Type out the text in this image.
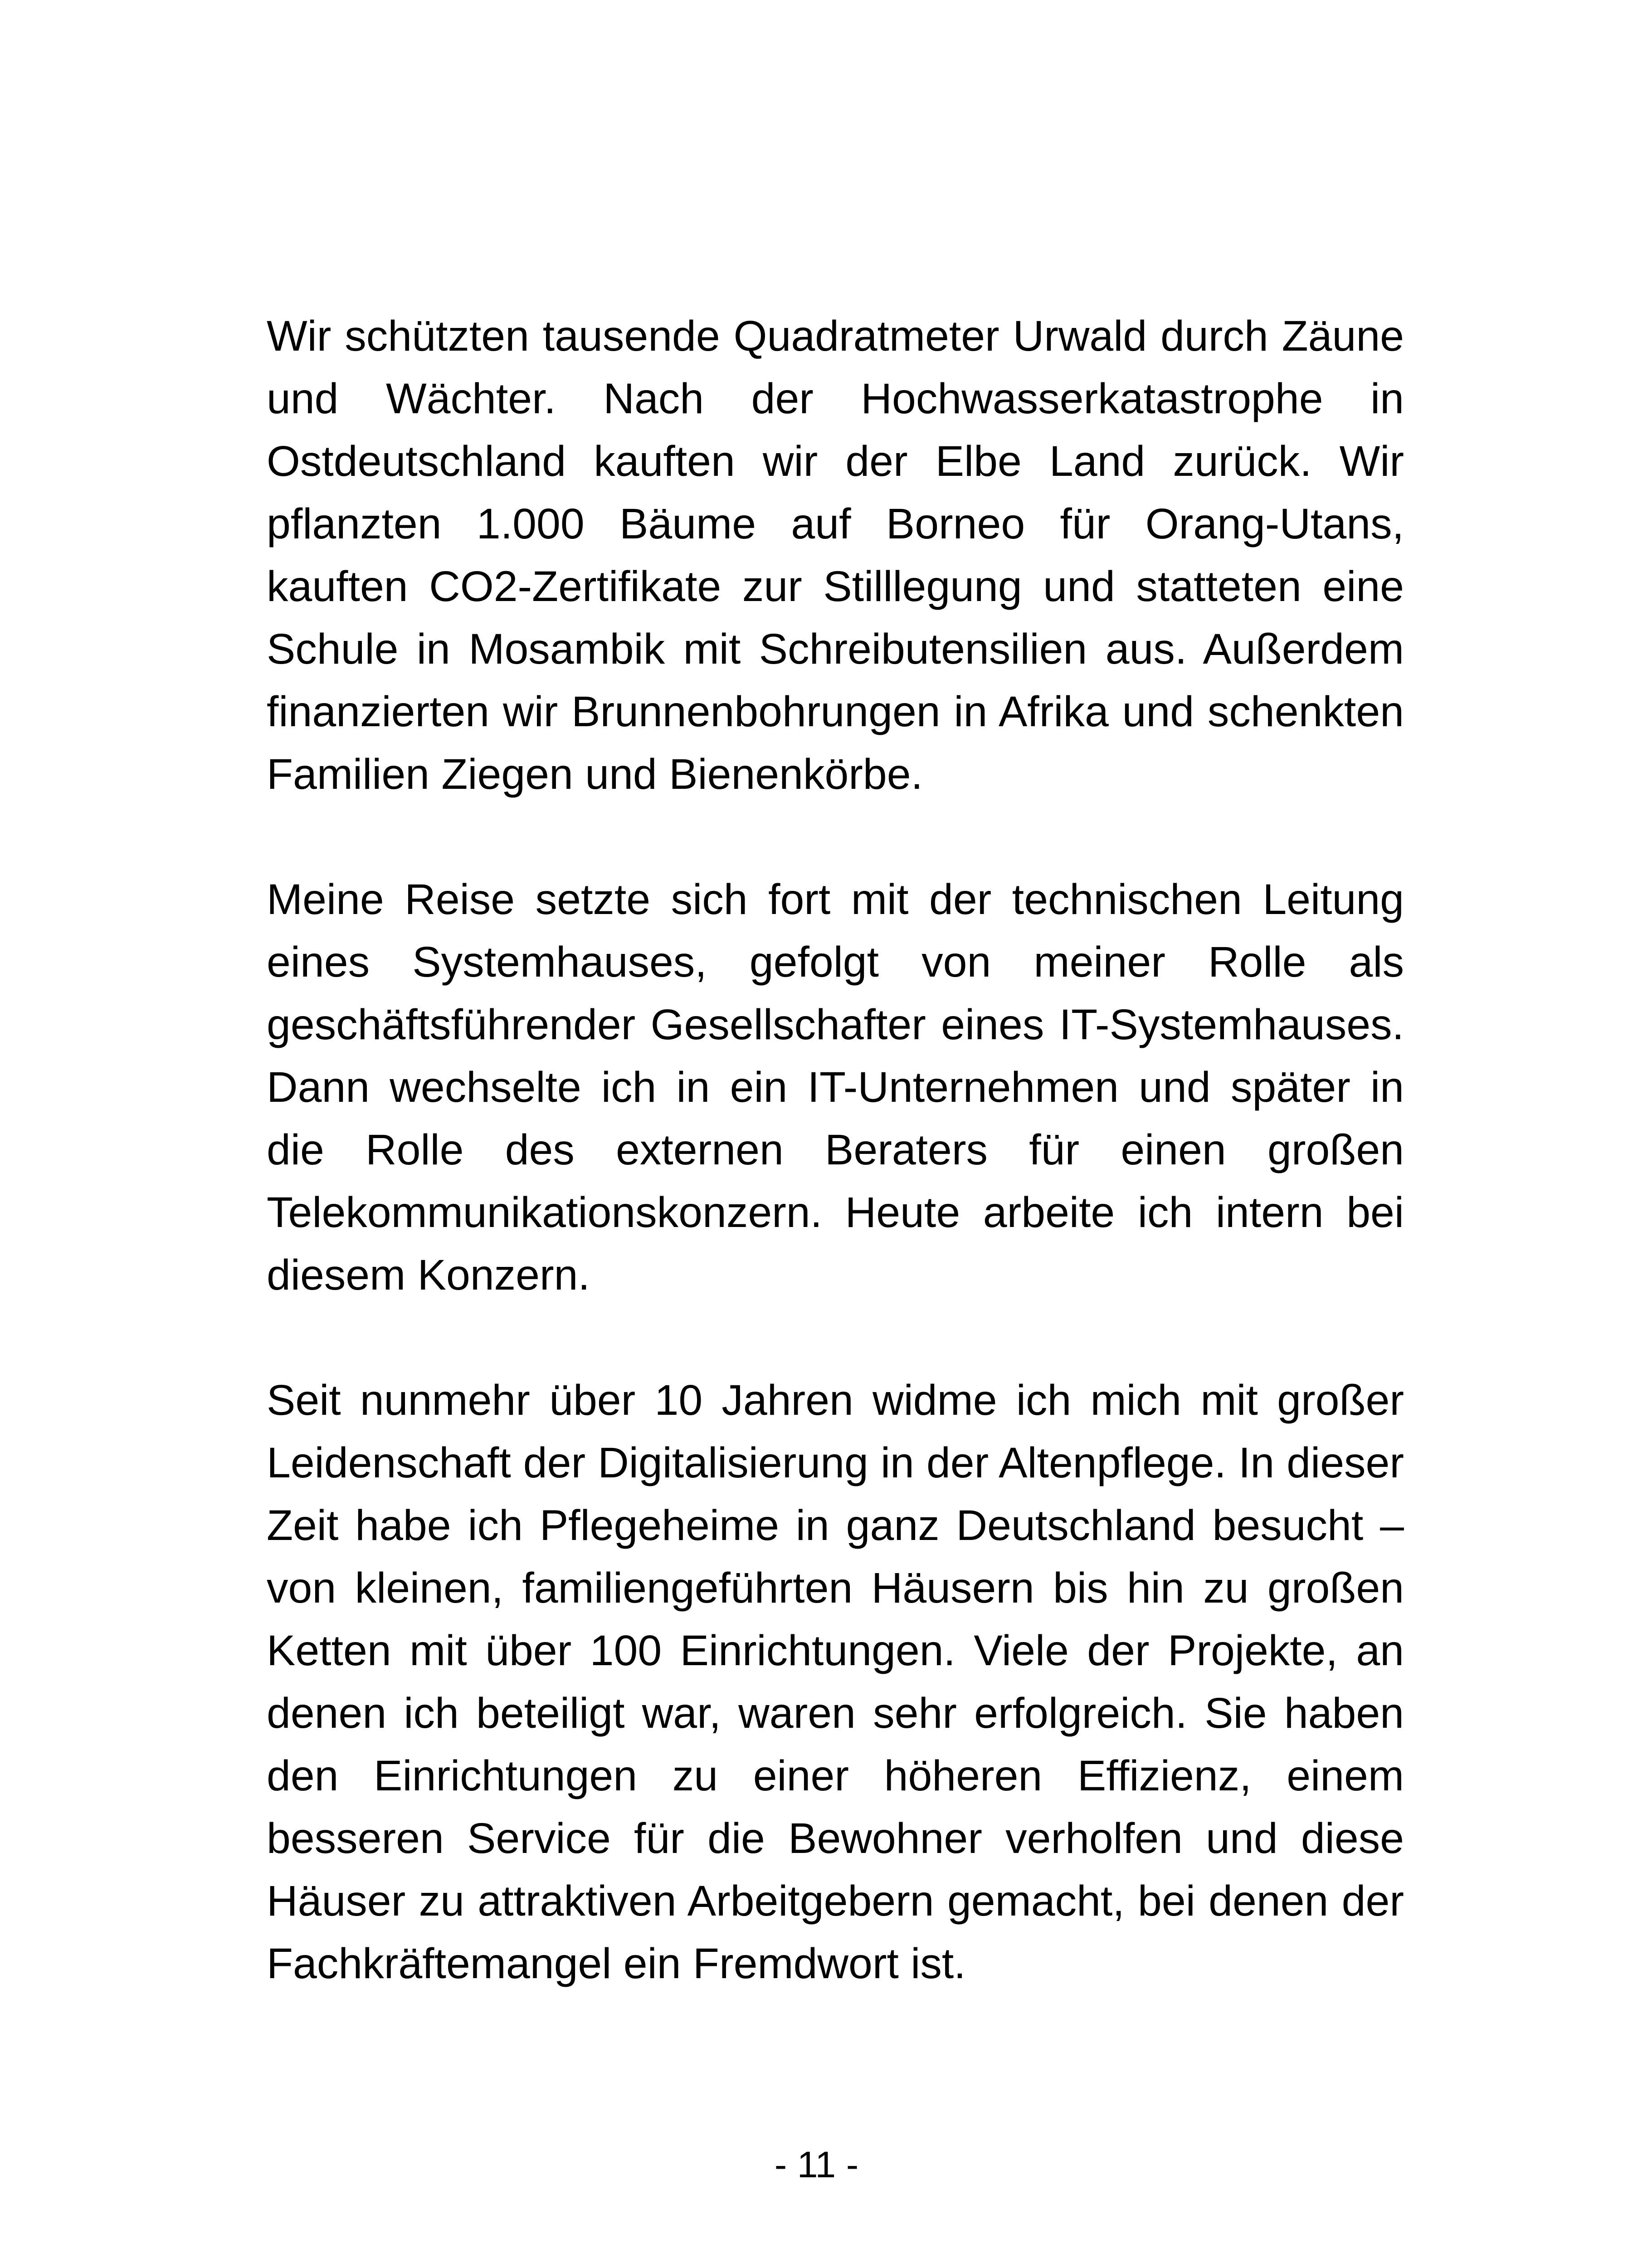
Wir schützten tausende Quadratmeter Urwald durch Zäune und Wächter. Nach der Hochwasserkatastrophe in Ostdeutschland kauften wir der Elbe Land zurück. Wir pflanzten 1.000 Bäume auf Borneo für Orang-Utans, kauften CO2-Zertifikate zur Stilllegung und statteten eine Schule in Mosambik mit Schreibutensilien aus. Außerdem finanzierten wir Brunnenbohrungen in Afrika und schenkten Familien Ziegen und Bienenkörbe.

Meine Reise setzte sich fort mit der technischen Leitung eines Systemhauses, gefolgt von meiner Rolle als geschäftsführender Gesellschafter eines IT-Systemhauses. Dann wechselte ich in ein IT-Unternehmen und später in die Rolle des externen Beraters für einen großen Telekommunikationskonzern. Heute arbeite ich intern bei diesem Konzern.

Seit nunmehr über 10 Jahren widme ich mich mit großer Leidenschaft der Digitalisierung in der Altenpflege. In dieser Zeit habe ich Pflegeheime in ganz Deutschland besucht – von kleinen, familiengeführten Häusern bis hin zu großen Ketten mit über 100 Einrichtungen. Viele der Projekte, an denen ich beteiligt war, waren sehr erfolgreich. Sie haben den Einrichtungen zu einer höheren Effizienz, einem besseren Service für die Bewohner verholfen und diese Häuser zu attraktiven Arbeitgebern gemacht, bei denen der Fachkräftemangel ein Fremdwort ist.

- 11 -
